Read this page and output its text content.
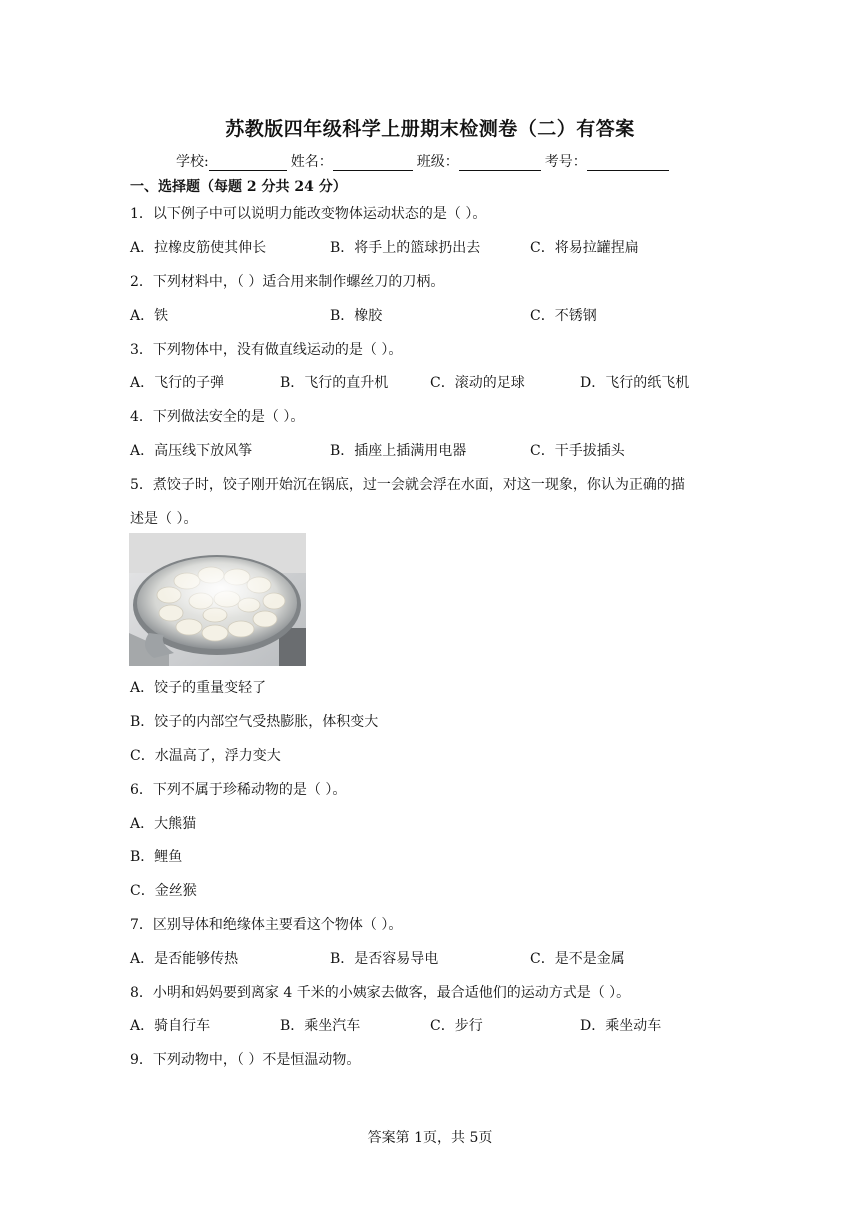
苏教版四年级科学上册期末检测卷（二）有答案
学校:	姓名：	班级：	考号：
一、选择题（每题 2 分共 24 分）
1．以下例子中可以说明力能改变物体运动状态的是（ ）。
A．拉橡皮筋使其伸长	B．将手上的篮球扔出去	C．将易拉罐捏扁
2．下列材料中，（ ）适合用来制作螺丝刀的刀柄。
A．铁	B．橡胶	C．不锈钢
3．下列物体中，没有做直线运动的是（ ）。
A．飞行的子弹	B．飞行的直升机	C．滚动的足球	D．飞行的纸飞机
4．下列做法安全的是（ ）。
A．高压线下放风筝	B．插座上插满用电器	C．干手拔插头
5．煮饺子时，饺子刚开始沉在锅底，过一会就会浮在水面，对这一现象，你认为正确的描
述是（ ）。
A．饺子的重量变轻了
B．饺子的内部空气受热膨胀，体积变大
C．水温高了，浮力变大
6．下列不属于珍稀动物的是（ ）。
A．大熊猫
B．鲤鱼
C．金丝猴
7．区别导体和绝缘体主要看这个物体（ ）。
A．是否能够传热	B．是否容易导电	C．是不是金属
8．小明和妈妈要到离家 4 千米的小姨家去做客，最合适他们的运动方式是（ ）。
A．骑自行车	B．乘坐汽车	C．步行	D．乘坐动车
9．下列动物中，（ ）不是恒温动物。
答案第 1页，共 5页
